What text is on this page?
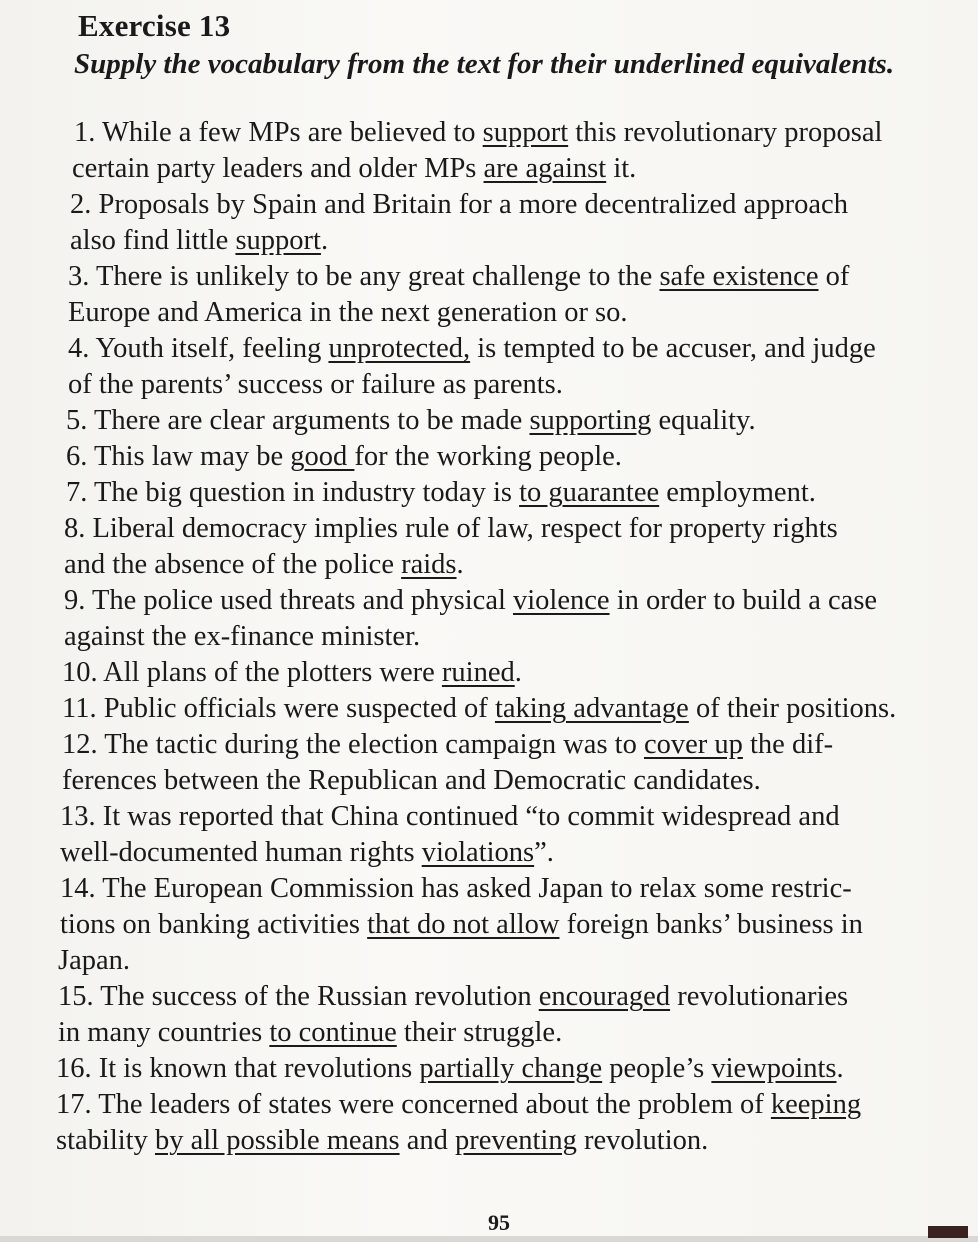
Exercise 13
Supply the vocabulary from the text for their underlined equivalents.
1. While a few MPs are believed to support this revolutionary proposal
certain party leaders and older MPs are against it.
2. Proposals by Spain and Britain for a more decentralized approach
also find little support.
3. There is unlikely to be any great challenge to the safe existence of
Europe and America in the next generation or so.
4. Youth itself, feeling unprotected, is tempted to be accuser, and judge
of the parents’ success or failure as parents.
5. There are clear arguments to be made supporting equality.
6. This law may be good for the working people.
7. The big question in industry today is to guarantee employment.
8. Liberal democracy implies rule of law, respect for property rights
and the absence of the police raids.
9. The police used threats and physical violence in order to build a case
against the ex-finance minister.
10. All plans of the plotters were ruined.
11. Public officials were suspected of taking advantage of their positions.
12. The tactic during the election campaign was to cover up the dif-
ferences between the Republican and Democratic candidates.
13. It was reported that China continued “to commit widespread and
well-documented human rights violations”.
14. The European Commission has asked Japan to relax some restric-
tions on banking activities that do not allow foreign banks’ business in
Japan.
15. The success of the Russian revolution encouraged revolutionaries
in many countries to continue their struggle.
16. It is known that revolutions partially change people’s viewpoints.
17. The leaders of states were concerned about the problem of keeping
stability by all possible means and preventing revolution.
95
